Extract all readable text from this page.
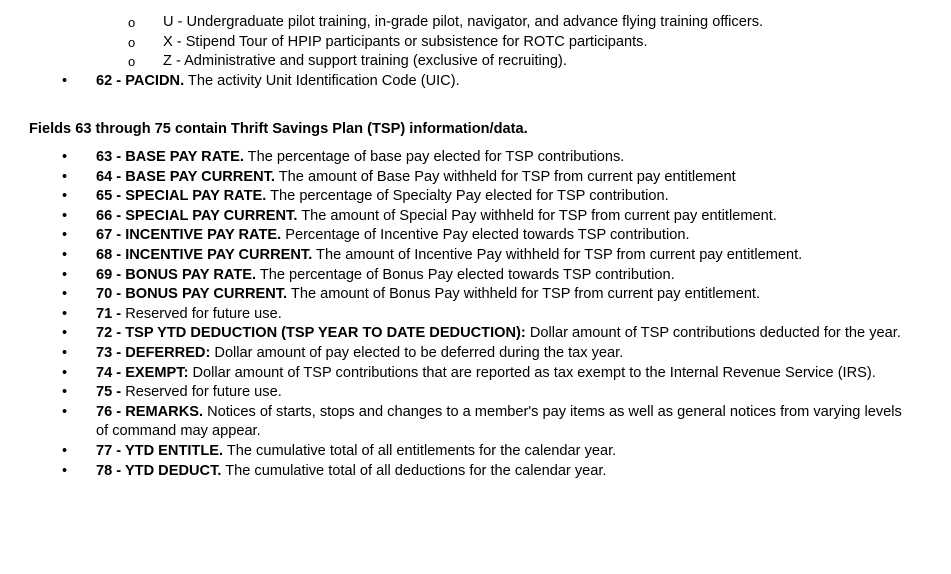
o U - Undergraduate pilot training, in-grade pilot, navigator, and advance flying training officers.
o X - Stipend Tour of HPIP participants or subsistence for ROTC participants.
o Z - Administrative and support training (exclusive of recruiting).
• 62 - PACIDN. The activity Unit Identification Code (UIC).
Fields 63 through 75 contain Thrift Savings Plan (TSP) information/data.
• 63 - BASE PAY RATE. The percentage of base pay elected for TSP contributions.
• 64 - BASE PAY CURRENT. The amount of Base Pay withheld for TSP from current pay entitlement
• 65 - SPECIAL PAY RATE. The percentage of Specialty Pay elected for TSP contribution.
• 66 - SPECIAL PAY CURRENT. The amount of Special Pay withheld for TSP from current pay entitlement.
• 67 - INCENTIVE PAY RATE. Percentage of Incentive Pay elected towards TSP contribution.
• 68 - INCENTIVE PAY CURRENT. The amount of Incentive Pay withheld for TSP from current pay entitlement.
• 69 - BONUS PAY RATE. The percentage of Bonus Pay elected towards TSP contribution.
• 70 - BONUS PAY CURRENT. The amount of Bonus Pay withheld for TSP from current pay entitlement.
• 71 - Reserved for future use.
• 72 - TSP YTD DEDUCTION (TSP YEAR TO DATE DEDUCTION): Dollar amount of TSP contributions deducted for the year.
• 73 - DEFERRED: Dollar amount of pay elected to be deferred during the tax year.
• 74 - EXEMPT: Dollar amount of TSP contributions that are reported as tax exempt to the Internal Revenue Service (IRS).
• 75 - Reserved for future use.
• 76 - REMARKS. Notices of starts, stops and changes to a member's pay items as well as general notices from varying levels of command may appear.
• 77 - YTD ENTITLE. The cumulative total of all entitlements for the calendar year.
• 78 - YTD DEDUCT. The cumulative total of all deductions for the calendar year.
